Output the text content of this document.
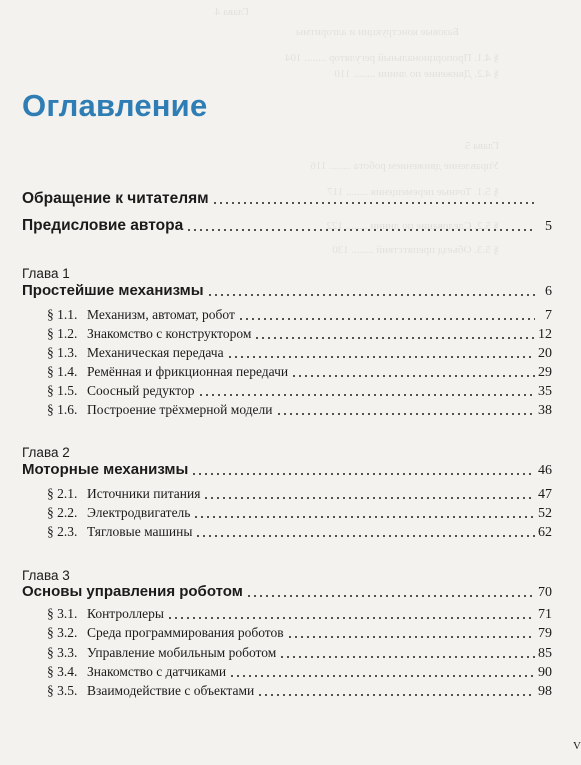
Глава 4
Базовые конструкции и алгоритмы
§ 4.1. Пропорциональный регулятор ........ 104
§ 4.2. Движение по линии ........ 110
Глава 5
Управление движением робота ........ 116
§ 5.1. Точные перемещения ........ 117
§ 5.2. Следование по линии ........ 122
§ 5.3. Объезд препятствий ........ 130
Оглавление
Обращение к читателям
Предисловие автора	5
Глава 1
Простейшие механизмы	6
§ 1.1. Механизм, автомат, робот	7
§ 1.2. Знакомство с конструктором	12
§ 1.3. Механическая передача	20
§ 1.4. Ремённая и фрикционная передачи	29
§ 1.5. Соосный редуктор	35
§ 1.6. Построение трёхмерной модели	38
Глава 2
Моторные механизмы	46
§ 2.1. Источники питания	47
§ 2.2. Электродвигатель	52
§ 2.3. Тягловые машины	62
Глава 3
Основы управления роботом	70
§ 3.1. Контроллеры	71
§ 3.2. Среда программирования роботов	79
§ 3.3. Управление мобильным роботом	85
§ 3.4. Знакомство с датчиками	90
§ 3.5. Взаимодействие с объектами	98
V
